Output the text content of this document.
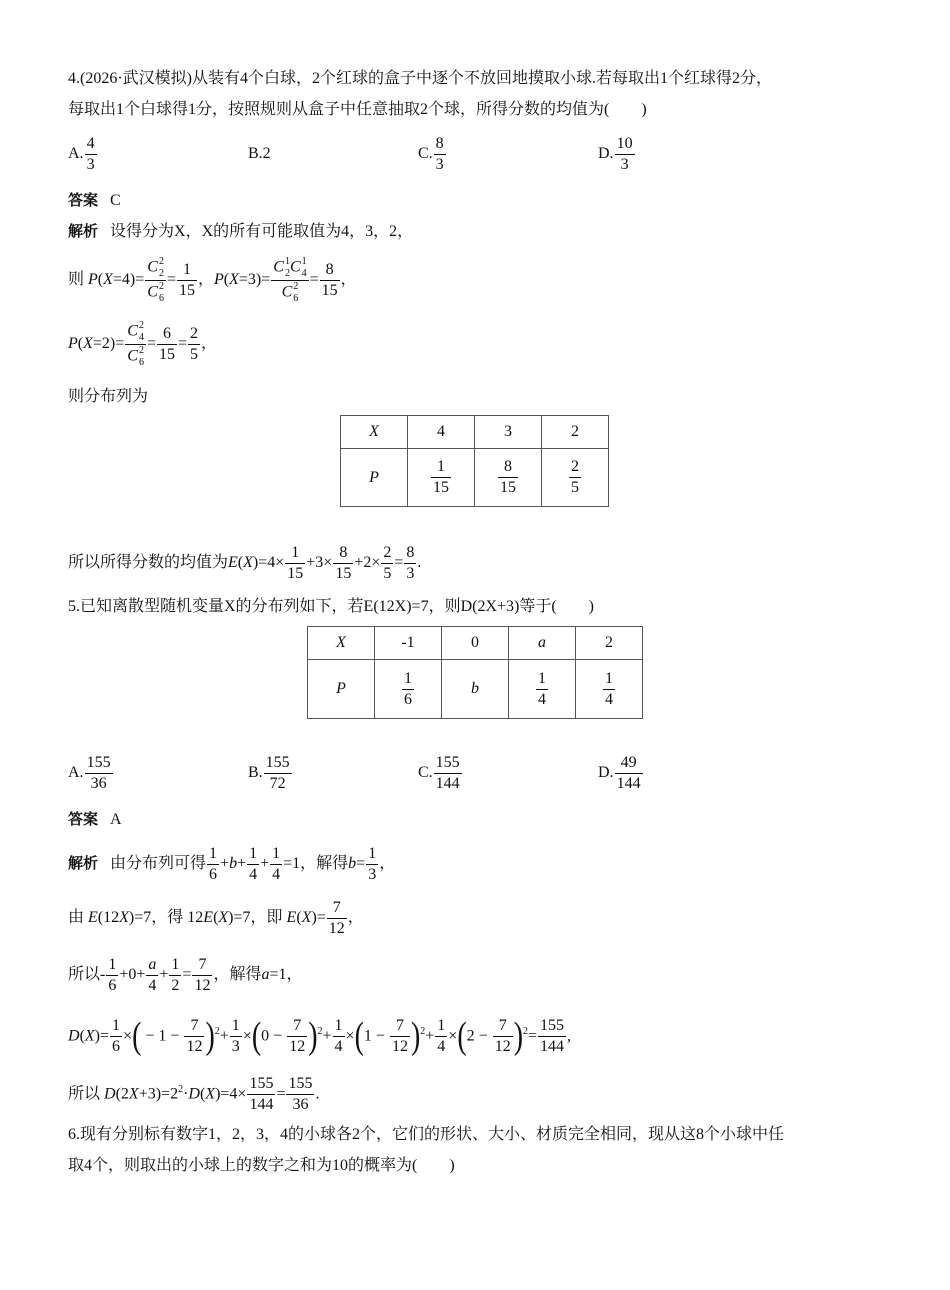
4.(2026·武汉模拟)从装有4个白球，2个红球的盒子中逐个不放回地摸取小球.若每取出1个红球得2分，
每取出1个白球得1分，按照规则从盒子中任意抽取2个球，所得分数的均值为(　　)
A. $\frac{4}{3}$	B.2	C. $\frac{8}{3}$	D. $\frac{10}{3}$
答案 C
解析 设得分为X，X的所有可能取值为4，3，2，
则 P(X=4)= C 2
2
C 2
$6 = \frac{1}{15}$ ，P(X=3)= C 1
2 C 1
4
C 2
$6 = \frac{8}{15}$ ，
P(X=2)= C 2
4
C 2
$6 = \frac{6}{15} = \frac{2}{5}$ ，
则分布列为
X	4	3	2
P	$\frac{1}{15}$	$\frac{8}{15}$	$\frac{2}{5}$
所以所得分数的均值为$E(X)=4\times \frac{1}{15} +3\times \frac{8}{15} +2\times \frac{2}{5} = \frac{8}{3}$ .
5.已知离散型随机变量X的分布列如下，若E(12X)=7，则D(2X+3)等于(　　)
X	-1	0	a	2
P	$\frac{1}{6}$	b	$\frac{1}{4}$	$\frac{1}{4}$
A. $\frac{155}{36}$	B. $\frac{155}{72}$	C. $\frac{155}{144}$	D. $\frac{49}{144}$
答案 A
解析 由分布列可得 $\frac{1}{6} +b+ \frac{1}{4} + \frac{1}{4} =1$，解得$b= \frac{1}{3}$ ，
由 E(12X)=7，得 12E(X)=7，即 $E(X)= \frac{7}{12}$ ，
所以- $\frac{1}{6} +0+ \frac{a}{4} + \frac{1}{2} = \frac{7}{12}$ ，解得a=1，
$D(X)= \frac{1}{6}$ ×( − $1 - \frac{7}{12} )^2+ \frac{1}{3} \times(0 - \frac{7}{12} )^2+ \frac{1}{4} \times(1 - \frac{7}{12} )^2+ \frac{1}{4} \times(2 - \frac{7}{12} )^2= \frac{155}{144}$ ,
所以 $D(2X+3)=2^2\cdot D(X)=4\times \frac{155}{144} = \frac{155}{36}$ .
6.现有分别标有数字1，2，3，4的小球各2个，它们的形状、大小、材质完全相同，现从这8个小球中任
取4个，则取出的小球上的数字之和为10的概率为(　　)
